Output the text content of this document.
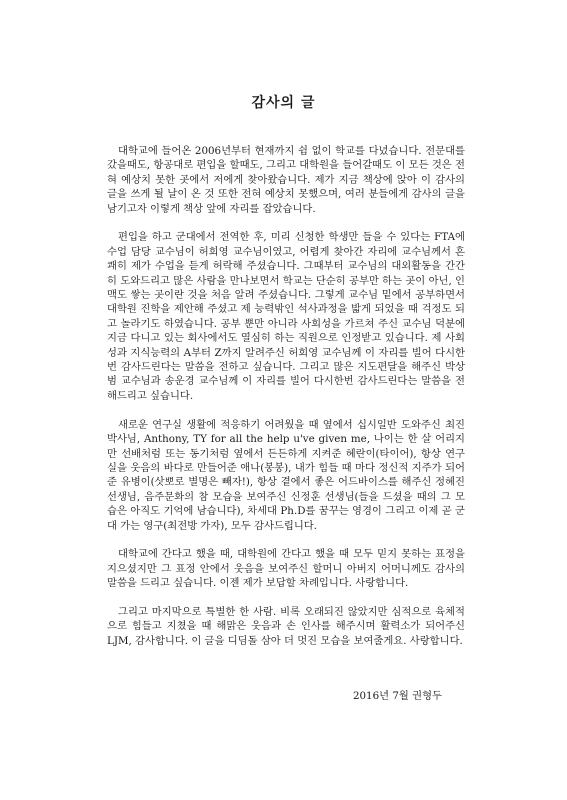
감사의 글

대학교에 들어온 2006년부터 현재까지 쉼 없이 학교를 다녔습니다. 전문대를 갔을때도, 항공대로 편입을 할때도, 그리고 대학원을 들어갈때도 이 모든 것은 전혀 예상치 못한 곳에서 저에게 찾아왔습니다. 제가 지금 책상에 앉아 이 감사의 글을 쓰게 될 날이 온 것 또한 전혀 예상치 못했으며, 여러 분들에게 감사의 글을 남기고자 이렇게 책상 앞에 자리를 잡았습니다.

편입을 하고 군대에서 전역한 후, 미리 신청한 학생만 들을 수 있다는 FTA에 수업 담당 교수님이 허희영 교수님이였고, 어렵게 찾아간 자리에 교수님께서 흔쾌히 제가 수업을 듣게 허락해 주셨습니다. 그때부터 교수님의 대외활동을 간간히 도와드리고 많은 사람을 만나보면서 학교는 단순히 공부만 하는 곳이 아닌, 인맥도 쌓는 곳이란 것을 처음 알려 주셨습니다. 그렇게 교수님 밑에서 공부하면서 대학원 진학을 제안해 주셨고 제 능력밖인 석사과정을 밟게 되었을 때 걱정도 되고 놀라기도 하였습니다. 공부 뿐만 아니라 사회성을 가르쳐 주신 교수님 덕분에 지금 다니고 있는 회사에서도 열심히 하는 직원으로 인정받고 있습니다. 제 사회성과 지식능력의 A부터 Z까지 알려주신 허희영 교수님께 이 자리를 빌어 다시한번 감사드린다는 말씀을 전하고 싶습니다. 그리고 많은 지도편달을 해주신 박상범 교수님과 송운경 교수님께 이 자리를 빌어 다시한번 감사드린다는 말씀을 전해드리고 싶습니다.

새로운 연구실 생활에 적응하기 어려웠을 때 옆에서 십시일반 도와주신 최진 박사님, Anthony, TY for all the help u've given me, 나이는 한 살 어리지만 선배처럼 또는 동기처럼 옆에서 든든하게 지켜준 혜란이(타이어), 항상 연구실을 웃음의 바다로 만들어준 애나(봉봉), 내가 힘들 때 마다 정신적 지주가 되어준 유병이(삿뽀로 별명은 빼자!), 항상 곁에서 좋은 어드바이스를 해주신 정혜진 선생님, 음주문화의 참 모습을 보여주신 신정훈 선생님(들을 드셨을 때의 그 모습은 아직도 기억에 남습니다), 차세대 Ph.D를 꿈꾸는 영경이 그리고 이제 곧 군대 가는 영구(최전방 가자), 모두 감사드립니다.

대학교에 간다고 했을 때, 대학원에 간다고 했을 때 모두 믿지 못하는 표정을 지으셨지만 그 표정 안에서 웃음을 보여주신 할머니 아버지 어머니께도 감사의 말씀을 드리고 싶습니다. 이젠 제가 보답할 차례입니다. 사랑합니다.

그리고 마지막으로 특별한 한 사람. 비록 오래되진 않았지만 심적으로 육체적으로 힘들고 지쳤을 때 해맑은 웃음과 손 인사를 해주시며 활력소가 되어주신 LJM, 감사합니다. 이 글을 디딤돌 삼아 더 멋진 모습을 보여줄게요. 사랑합니다.

2016년 7월 권형두
